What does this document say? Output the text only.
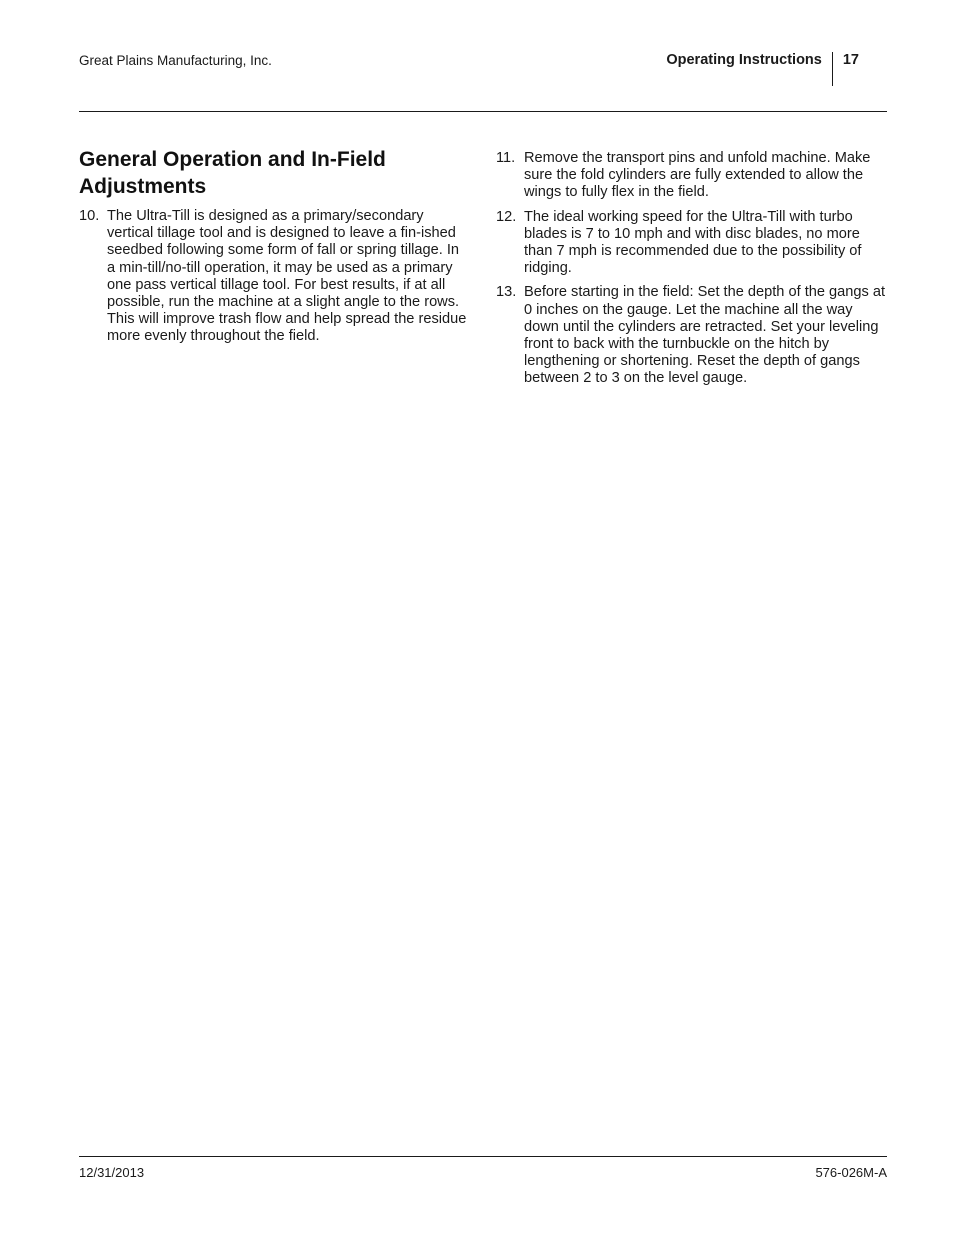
Great Plains Manufacturing, Inc.	Operating Instructions 17
General Operation and In-Field Adjustments
10. The Ultra-Till is designed as a primary/secondary vertical tillage tool and is designed to leave a fin-ished seedbed following some form of fall or spring tillage. In a min-till/no-till operation, it may be used as a primary one pass vertical tillage tool. For best results, if at all possible, run the machine at a slight angle to the rows. This will improve trash flow and help spread the residue more evenly throughout the field.
11. Remove the transport pins and unfold machine. Make sure the fold cylinders are fully extended to allow the wings to fully flex in the field.
12. The ideal working speed for the Ultra-Till with turbo blades is 7 to 10 mph and with disc blades, no more than 7 mph is recommended due to the possibility of ridging.
13. Before starting in the field: Set the depth of the gangs at 0 inches on the gauge. Let the machine all the way down until the cylinders are retracted. Set your leveling front to back with the turnbuckle on the hitch by lengthening or shortening. Reset the depth of gangs between 2 to 3 on the level gauge.
12/31/2013	576-026M-A
